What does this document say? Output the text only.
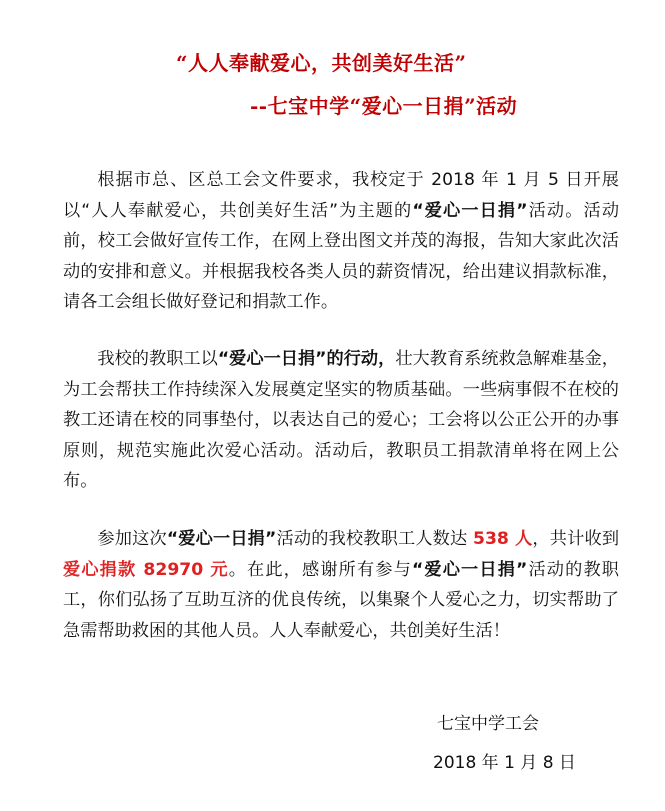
“人人奉献爱心，共创美好生活”
--七宝中学“爱心一日捐”活动

根据市总、区总工会文件要求，我校定于 2018 年 1 月 5 日开展以“人人奉献爱心，共创美好生活”为主题的“爱心一日捐”活动。活动前，校工会做好宣传工作，在网上登出图文并茂的海报，告知大家此次活动的安排和意义。并根据我校各类人员的薪资情况，给出建议捐款标准，请各工会组长做好登记和捐款工作。

我校的教职工以“爱心一日捐”的行动，壮大教育系统救急解难基金，为工会帮扶工作持续深入发展奠定坚实的物质基础。一些病事假不在校的教工还请在校的同事垫付，以表达自己的爱心；工会将以公正公开的办事原则，规范实施此次爱心活动。活动后，教职员工捐款清单将在网上公布。

参加这次“爱心一日捐”活动的我校教职工人数达 538 人，共计收到爱心捐款 82970 元。在此，感谢所有参与“爱心一日捐”活动的教职工，你们弘扬了互助互济的优良传统，以集聚个人爱心之力，切实帮助了急需帮助救困的其他人员。人人奉献爱心，共创美好生活！

七宝中学工会
2018 年 1 月 8 日
